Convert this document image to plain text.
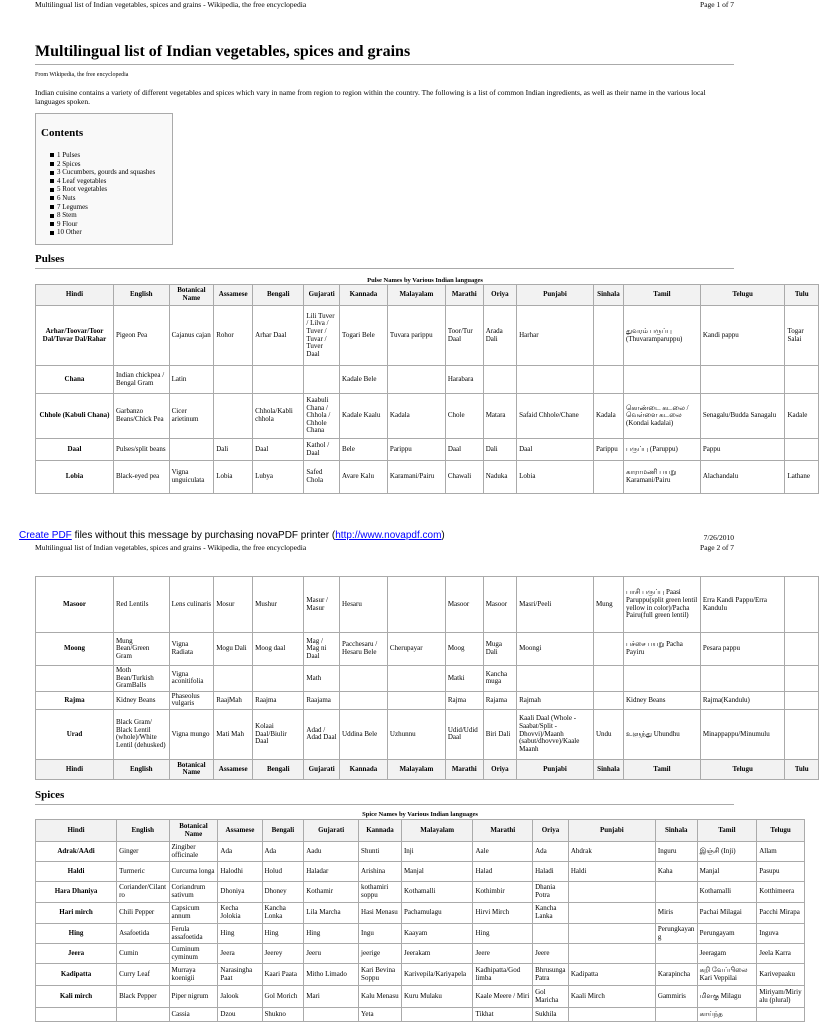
Multilingual list of Indian vegetables, spices and grains - Wikipedia, the free encyclopedia	Page 1 of 7
Multilingual list of Indian vegetables, spices and grains
From Wikipedia, the free encyclopedia
Indian cuisine contains a variety of different vegetables and spices which vary in name from region to region within the country. The following is a list of common Indian ingredients, as well as their name in the various local languages spoken.
Contents
1 Pulses
2 Spices
3 Cucumbers, gourds and squashes
4 Leaf vegetables
5 Root vegetables
6 Nuts
7 Legumes
8 Stem
9 Flour
10 Other
Pulses
Pulse Names by Various Indian languages
Hindi	English	Botanical Name	Assamese	Bengali	Gujarati	Kannada	Malayalam	Marathi	Oriya	Punjabi	Sinhala	Tamil	Telugu	Tulu
Arhar/Toovar/Toor Dal/Tuvar Dal/Rahar	Pigeon Pea	Cajanus cajan	Rohor	Arhar Daal	Lili Tuver / Lilva / Tuver / Tuvar / Tuver Daal	Togari Bele	Tuvara parippu	Toor/Tur Daal	Arada Dali	Harhar		துவரம் பருப்பு (Thuvaramparuppu)	Kandi pappu	Togar Salai
Chana	Indian chickpea / Bengal Gram	Latin				Kadale Bele		Harabara						
Chhole (Kabuli Chana)	Garbanzo Beans/Chick Pea	Cicer arietinum		Chhola/Kabli chhola	Kaabuli Chana / Chhola / Chhole Chana	Kadale Kaalu	Kadala	Chole	Matara	Safaid Chhole/Chane	Kadala	கொண்டை கடலை / வெள்ளை கடலை (Kondai kadalai)	Senagalu/Budda Sanagalu	Kadale
Daal	Pulses/split beans		Dali	Daal	Kathol / Daal	Bele	Parippu	Daal	Dali	Daal	Parippu	பருப்பு (Paruppu)	Pappu	
Lobia	Black-eyed pea	Vigna unguiculata	Lobia	Lubya	Safed Chola	Avare Kalu	Karamani/Pairu	Chawali	Naduka	Lobia		காராமணி பயறு Karamani/Pairu	Alachandalu	Lathane
Create PDF files without this message by purchasing novaPDF printer (http://www.novapdf.com)	7/26/2010
Multilingual list of Indian vegetables, spices and grains - Wikipedia, the free encyclopedia	Page 2 of 7
Masoor	Red Lentils	Lens culinaris	Mosur	Mushur	Masur / Masur	Hesaru		Masoor	Masoor	Masri/Peeli	Mung	பாசி பருப்பு Paasi Paruppu(split green lentil yellow in color)/Pacha Pairu(full green lentil)	Erra Kandi Pappu/Erra Kandulu	
Moong	Mung Bean/Green Gram	Vigna Radiata	Mogu Dali	Moog daal	Mag / Mag ni Daal	Pacchesaru / Hesaru Bele	Cherupayar	Moog	Muga Dali	Moongi		பச்சை பயறு Pacha Payiru	Pesara pappu	
	Moth Bean/Turkish GramBalls	Vigna aconitifolia			Math			Matki	Kancha muga					
Rajma	Kidney Beans	Phaseolus vulgaris	RaajMah	Raajma	Raajama			Rajma	Rajama	Rajmah		Kidney Beans	Rajma(Kandulu)	
Urad	Black Gram/ Black Lentil (whole)/White Lentil (dehusked)	Vigna mungo	Mati Mah	Kolaai Daal/Biulir Daal	Adad / Adad Daal	Uddina Bele	Uzhunnu	Udid/Udid Daal	Biri Dali	Kaali Daal (Whole - Saabat/Split - Dhovvi)/Maanh (sabut/dhovve)/Kaale Maanh	Undu	உளுந்து Uhundhu	Minappappu/Minumulu	
Hindi	English	Botanical Name	Assamese	Bengali	Gujarati	Kannada	Malayalam	Marathi	Oriya	Punjabi	Sinhala	Tamil	Telugu	Tulu
Spices
Spice Names by Various Indian languages
Hindi	English	Botanical Name	Assamese	Bengali	Gujarati	Kannada	Malayalam	Marathi	Oriya	Punjabi	Sinhala	Tamil	Telugu
Adrak/AAdi	Ginger	Zingiber officinale	Ada	Ada	Aadu	Shunti	Inji	Aale	Ada	Ahdrak	Inguru	இஞ்சி (Inji)	Allam
Haldi	Turmeric	Curcuma longa	Halodhi	Holud	Haladar	Arishina	Manjal	Halad	Haladi	Haldi	Kaha	Manjal	Pasupu
Hara Dhaniya	Coriander/Cilantro	Coriandrum sativum	Dhoniya	Dhoney	Kothamir	kothamiri soppu	Kothamalli	Kothimbir	Dhania Potra			Kothamalli	Kotthimeera
Hari mirch	Chili Pepper	Capsicum annum	Kecha Jolokia	Kancha Lonka	Lila Marcha	Hasi Menasu	Pachamulagu	Hirvi Mirch	Kancha Lanka		Miris	Pachai Milagai	Pacchi Mirapa
Hing	Asafoetida	Ferula assafoetida	Hing	Hing	Hing	Ingu	Kaayam	Hing			Perungkayang	Perungayam	Inguva
Jeera	Cumin	Cuminum cyminum	Jeera	Jeerey	Jeeru	jeerige	Jeerakam	Jeere	Jeere			Jeeragam	Jeela Karra
Kadipatta	Curry Leaf	Murraya koenigii	Narasingha Paat	Kaari Paata	Mitho Limado	Kari Bevina Soppu	Karivepila/Kariyapela	Kadhipatta/God limba	Bhrusunga Patra	Kadipatta	Karapincha	கறி வேப்பிலை Kari Veppilai	Karivepaaku
Kali mirch	Black Pepper	Piper nigrum	Jalook	Gol Morich	Mari	Kalu Menasu	Kuru Mulaku	Kaale Meere / Miri	Gol Maricha	Kaali Mirch	Gammiris	மிளகு Milagu	Miriyam/Miriyalu (plural)
		Cassia	Dzou	Shukno		Yeta		Tikhat	Sukhila			காய்ந்த	
